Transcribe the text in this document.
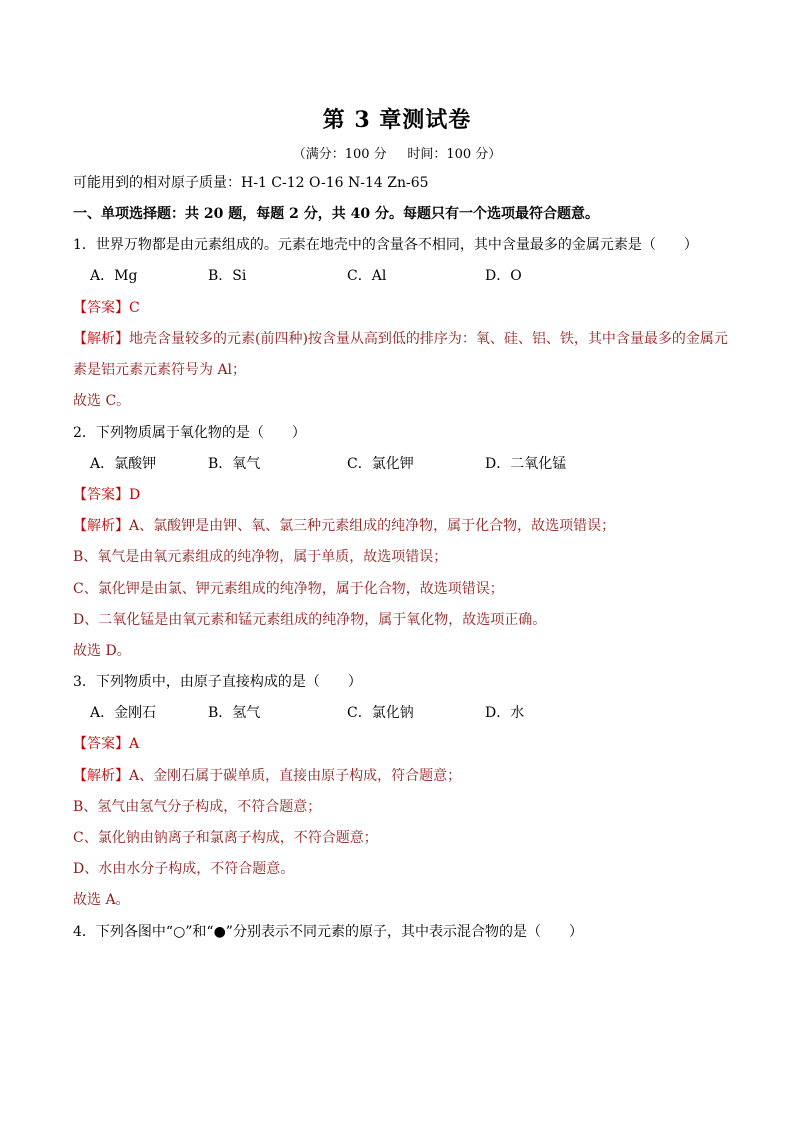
第 3 章测试卷
（满分：100 分     时间：100 分）
可能用到的相对原子质量：H-1 C-12 O-16 N-14 Zn-65
一、单项选择题：共 20 题，每题 2 分，共 40 分。每题只有一个选项最符合题意。
1．世界万物都是由元素组成的。元素在地壳中的含量各不相同，其中含量最多的金属元素是（　　）
A．Mg	B．Si	C．Al	D．O
【答案】C
【解析】地壳含量较多的元素(前四种)按含量从高到低的排序为：氧、硅、铝、铁，其中含量最多的金属元
素是铝元素元素符号为 Al；
故选 C。
2．下列物质属于氧化物的是（　　）
A．氯酸钾	B．氧气	C．氯化钾	D．二氧化锰
【答案】D
【解析】A、氯酸钾是由钾、氧、氯三种元素组成的纯净物，属于化合物，故选项错误；
B、氧气是由氧元素组成的纯净物，属于单质，故选项错误；
C、氯化钾是由氯、钾元素组成的纯净物，属于化合物，故选项错误；
D、二氧化锰是由氧元素和锰元素组成的纯净物，属于氧化物，故选项正确。
故选 D。
3．下列物质中，由原子直接构成的是（　　）
A．金刚石	B．氢气	C．氯化钠	D．水
【答案】A
【解析】A、金刚石属于碳单质，直接由原子构成，符合题意；
B、氢气由氢气分子构成，不符合题意；
C、氯化钠由钠离子和氯离子构成，不符合题意；
D、水由水分子构成，不符合题意。
故选 A。
4．下列各图中“○”和“●”分别表示不同元素的原子，其中表示混合物的是（　　）
